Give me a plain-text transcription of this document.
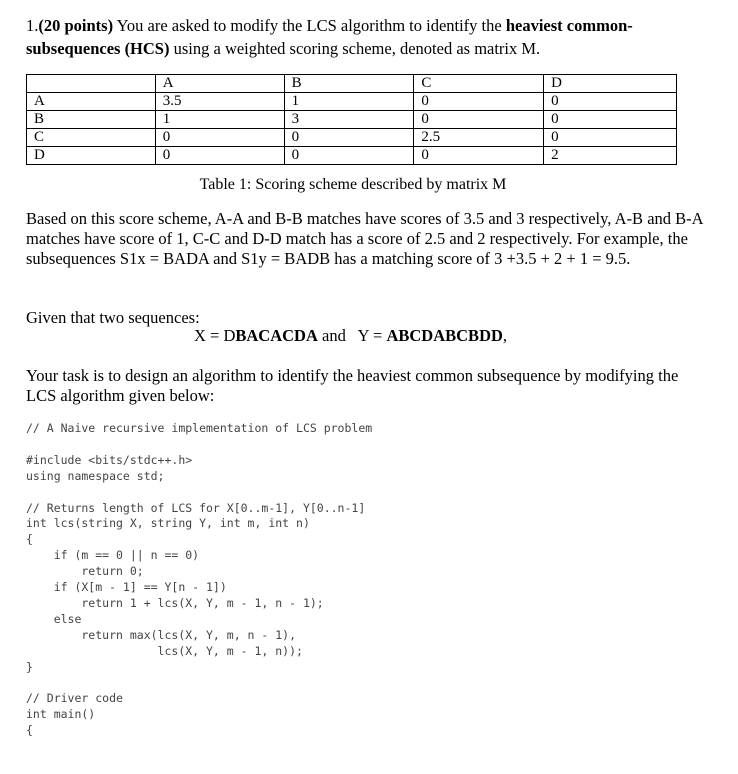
1.(20 points) You are asked to modify the LCS algorithm to identify the heaviest common-subsequences (HCS) using a weighted scoring scheme, denoted as matrix M.
	A	B	C	D
A	3.5	1	0	0
B	1	3	0	0
C	0	0	2.5	0
D	0	0	0	2
Table 1: Scoring scheme described by matrix M
Based on this score scheme, A-A and B-B matches have scores of 3.5 and 3 respectively, A-B and B-A matches have score of 1, C-C and D-D match has a score of 2.5 and 2 respectively. For example, the subsequences S1x = BADA and S1y = BADB has a matching score of 3 +3.5 + 2 + 1 = 9.5.
Given that two sequences:
X = DBACACDA and   Y = ABCDABCBDD,
Your task is to design an algorithm to identify the heaviest common subsequence by modifying the LCS algorithm given below:
// A Naive recursive implementation of LCS problem

#include <bits/stdc++.h>
using namespace std;

// Returns length of LCS for X[0..m-1], Y[0..n-1]
int lcs(string X, string Y, int m, int n)
{
if (m == 0 || n == 0)
return 0;
if (X[m - 1] == Y[n - 1])
return 1 + lcs(X, Y, m - 1, n - 1);
else
return max(lcs(X, Y, m, n - 1),
lcs(X, Y, m - 1, n));
}

// Driver code
int main()
{
